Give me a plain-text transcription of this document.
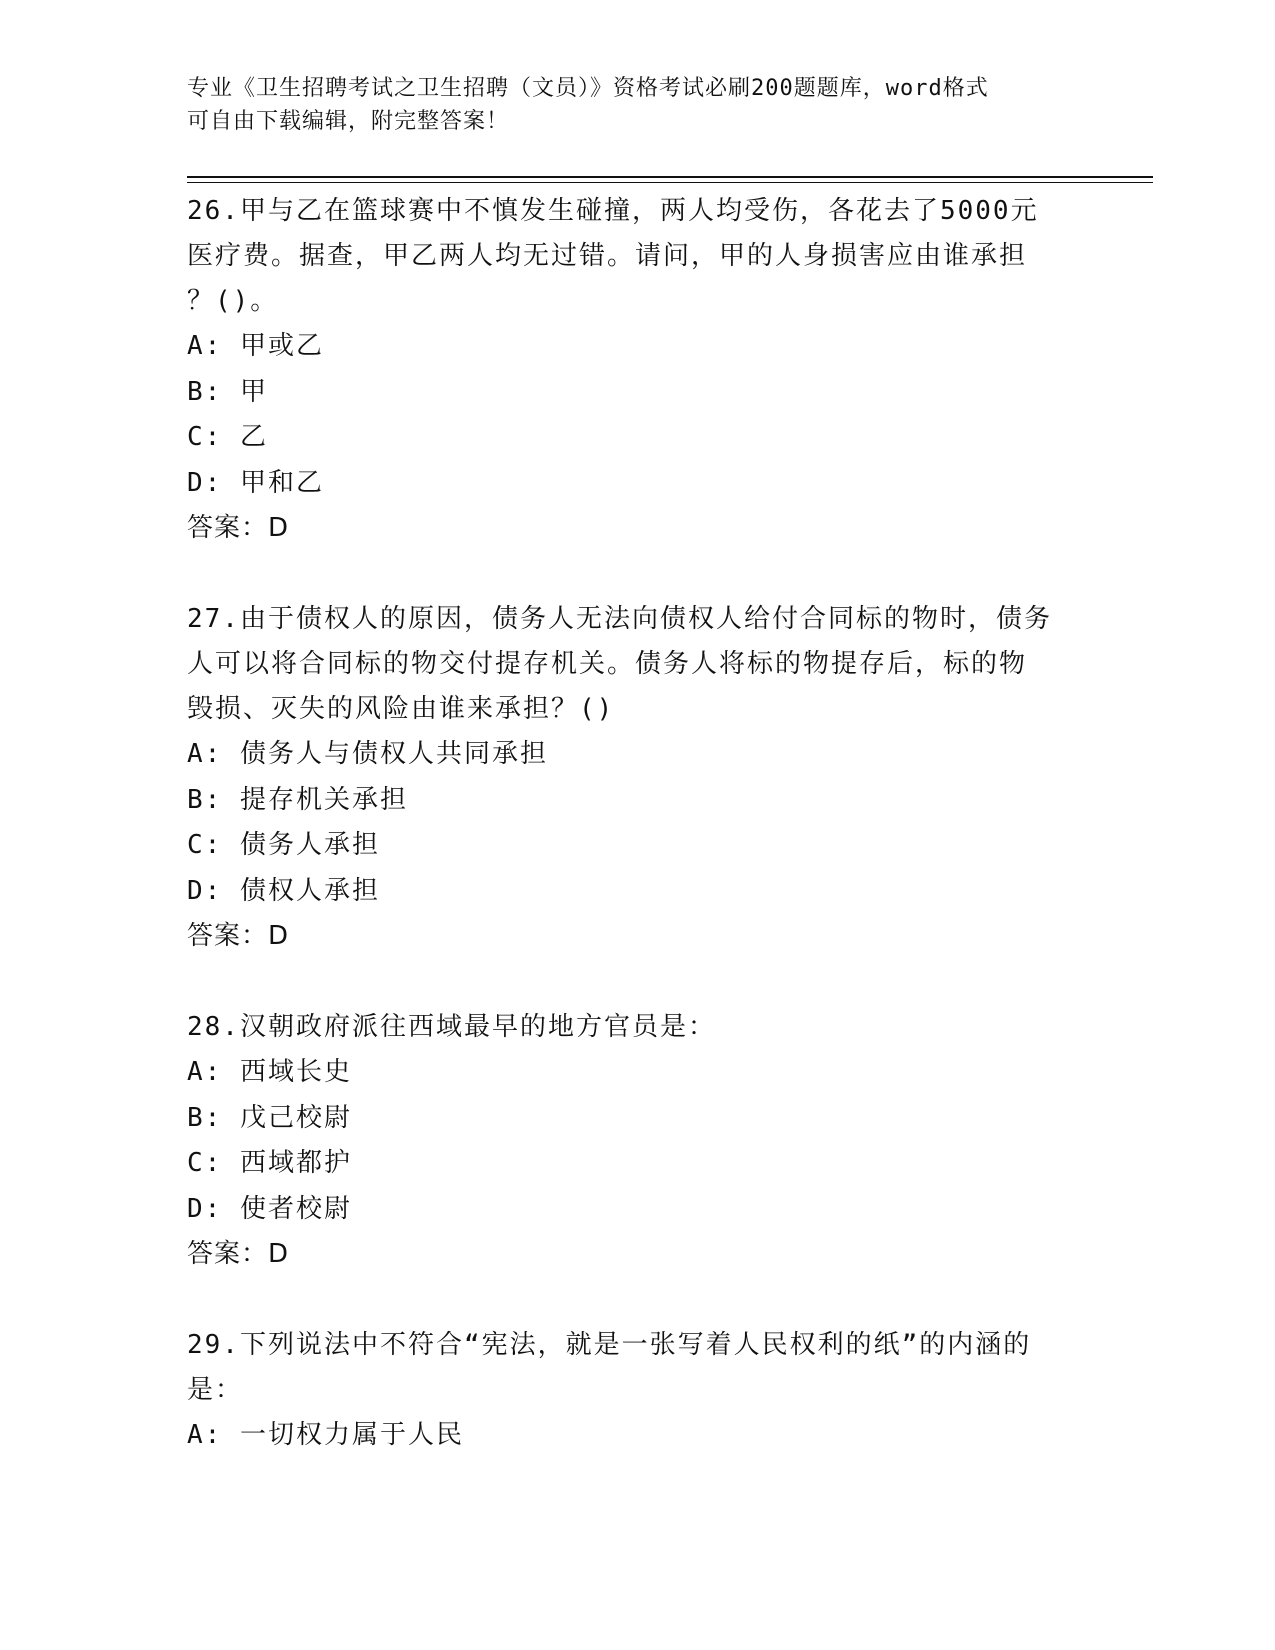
专业《卫生招聘考试之卫生招聘（文员）》资格考试必刷200题题库，word格式
可自由下载编辑，附完整答案！
26.甲与乙在篮球赛中不慎发生碰撞，两人均受伤，各花去了5000元
医疗费。据查，甲乙两人均无过错。请问，甲的人身损害应由谁承担
？()。
A: 甲或乙
B: 甲
C: 乙
D: 甲和乙
答案：D
27.由于债权人的原因，债务人无法向债权人给付合同标的物时，债务
人可以将合同标的物交付提存机关。债务人将标的物提存后，标的物
毁损、灭失的风险由谁来承担？()
A: 债务人与债权人共同承担
B: 提存机关承担
C: 债务人承担
D: 债权人承担
答案：D
28.汉朝政府派往西域最早的地方官员是：
A: 西域长史
B: 戊己校尉
C: 西域都护
D: 使者校尉
答案：D
29.下列说法中不符合“宪法，就是一张写着人民权利的纸”的内涵的
是：
A: 一切权力属于人民
